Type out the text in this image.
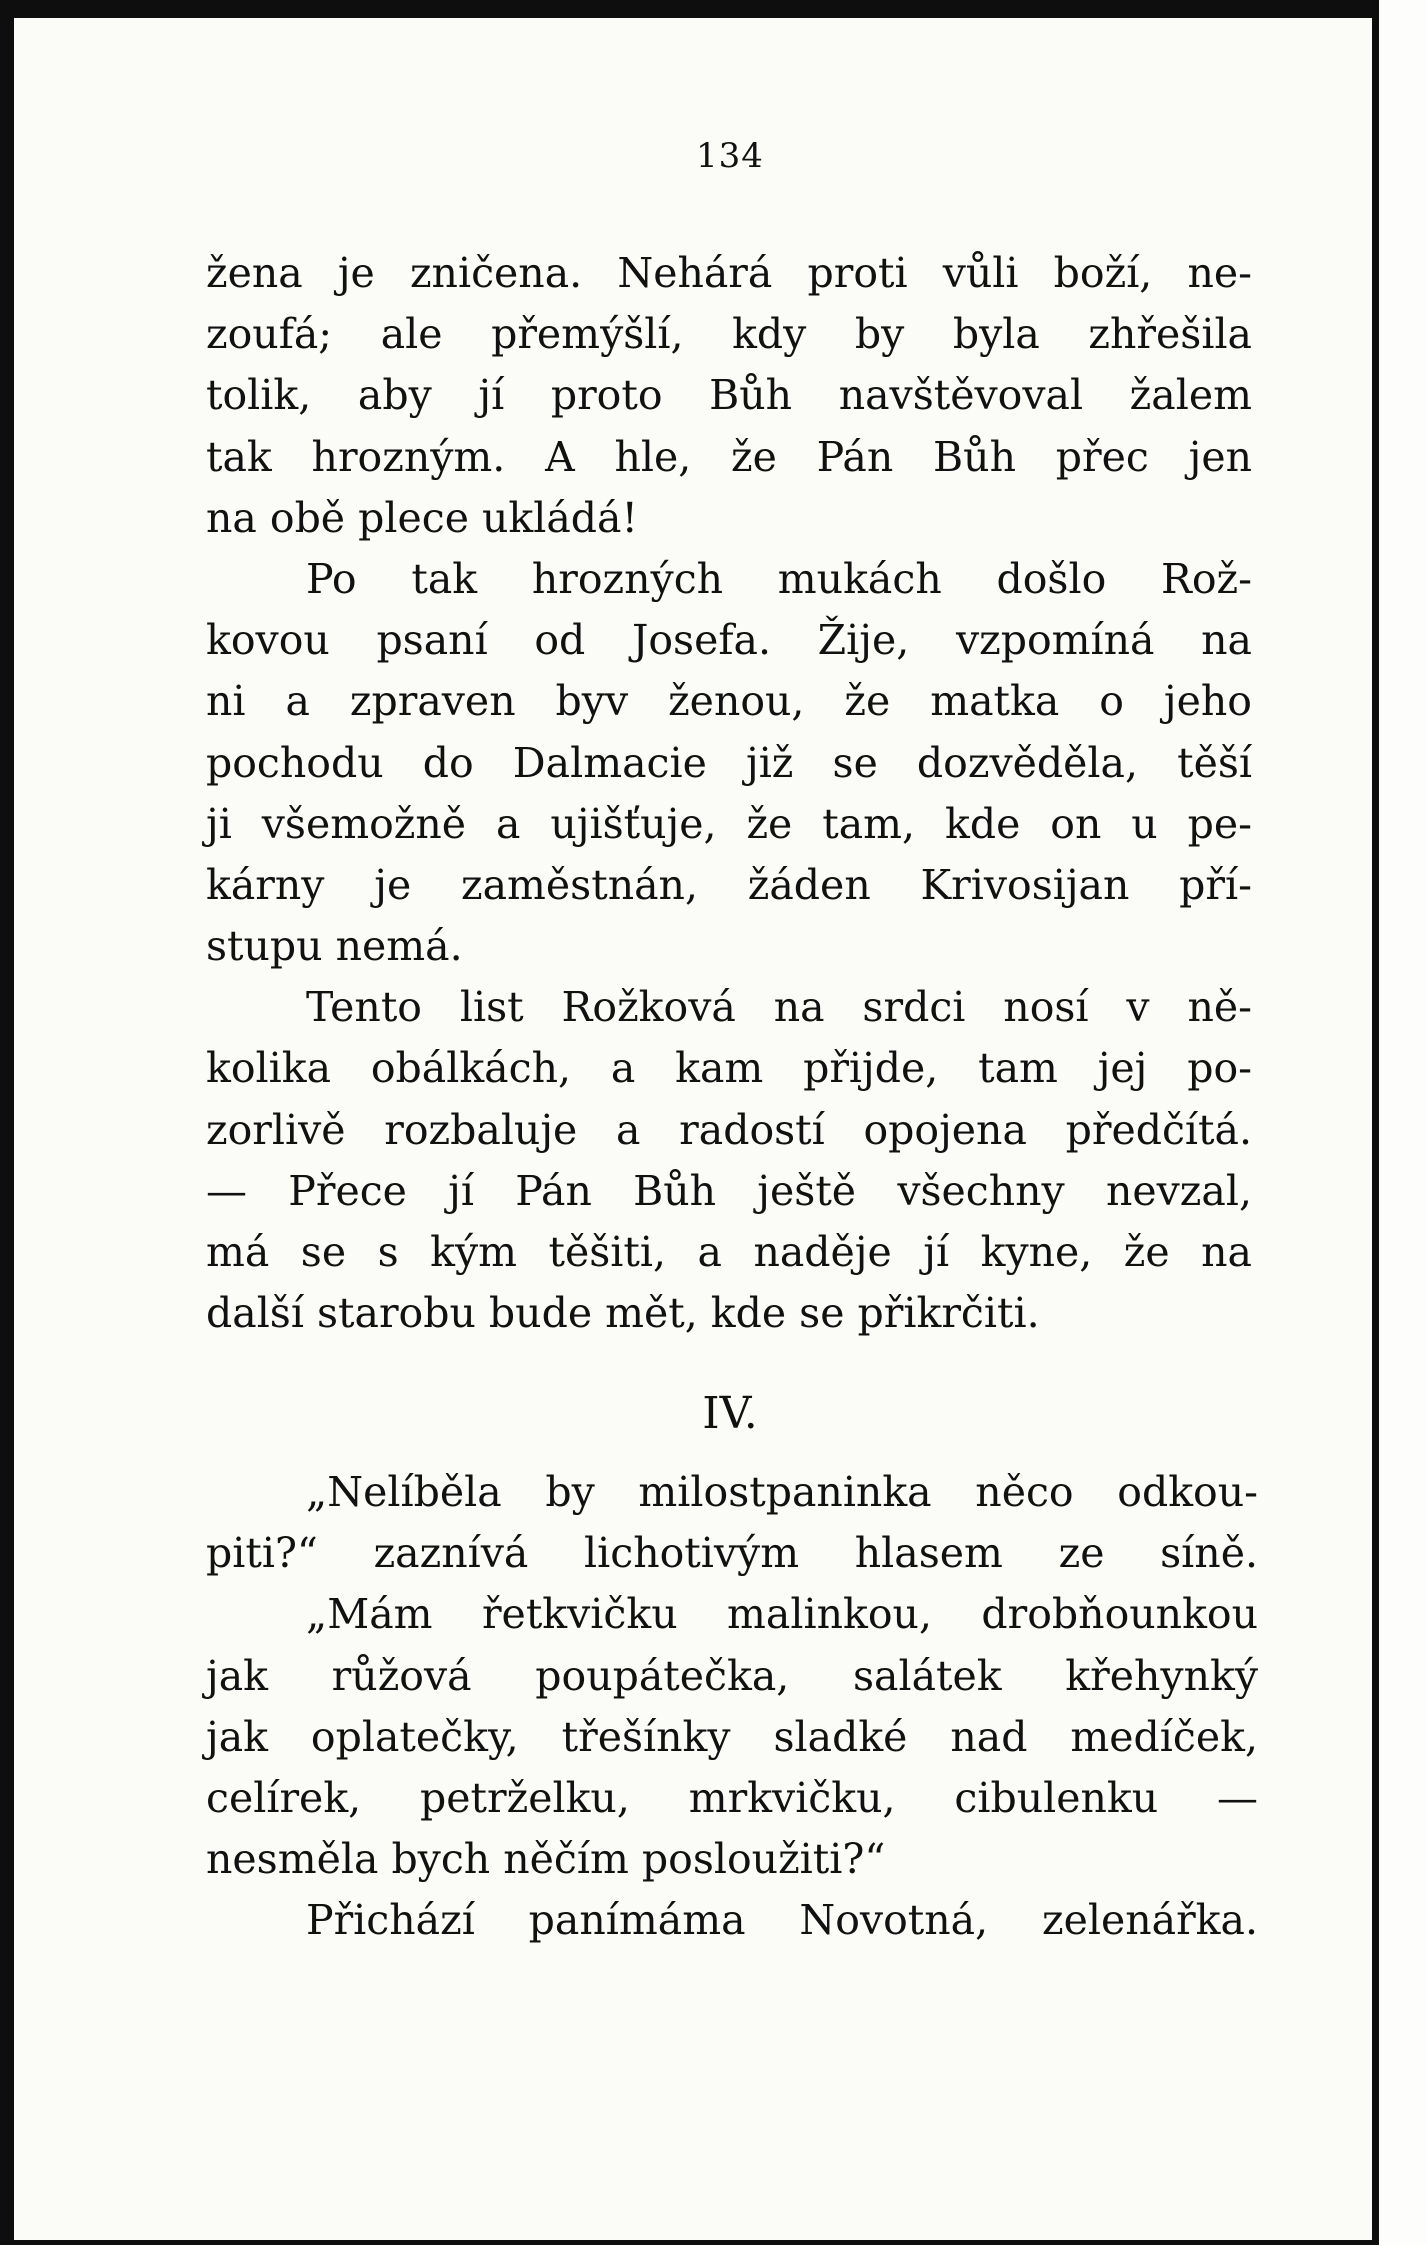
134
žena je zničena. Nehárá proti vůli boží, ne-
zoufá; ale přemýšlí, kdy by byla zhřešila
tolik, aby jí proto Bůh navštěvoval žalem
tak hrozným. A hle, že Pán Bůh přec jen
na obě plece ukládá!
Po tak hrozných mukách došlo Rož-
kovou psaní od Josefa. Žije, vzpomíná na
ni a zpraven byv ženou, že matka o jeho
pochodu do Dalmacie již se dozvěděla, těší
ji všemožně a ujišťuje, že tam, kde on u pe-
kárny je zaměstnán, žáden Krivosijan pří-
stupu nemá.
Tento list Rožková na srdci nosí v ně-
kolika obálkách, a kam přijde, tam jej po-
zorlivě rozbaluje a radostí opojena předčítá.
— Přece jí Pán Bůh ještě všechny nevzal,
má se s kým těšiti, a naděje jí kyne, že na
další starobu bude mět, kde se přikrčiti.
IV.
„Nelíběla by milostpaninka něco odkou-
piti?“ zaznívá lichotivým hlasem ze síně.
„Mám řetkvičku malinkou, drobňounkou
jak růžová poupátečka, salátek křehynký
jak oplatečky, třešínky sladké nad medíček,
celírek, petrželku, mrkvičku, cibulenku —
nesměla bych něčím posloužiti?“
Přichází panímáma Novotná, zelenářka.
